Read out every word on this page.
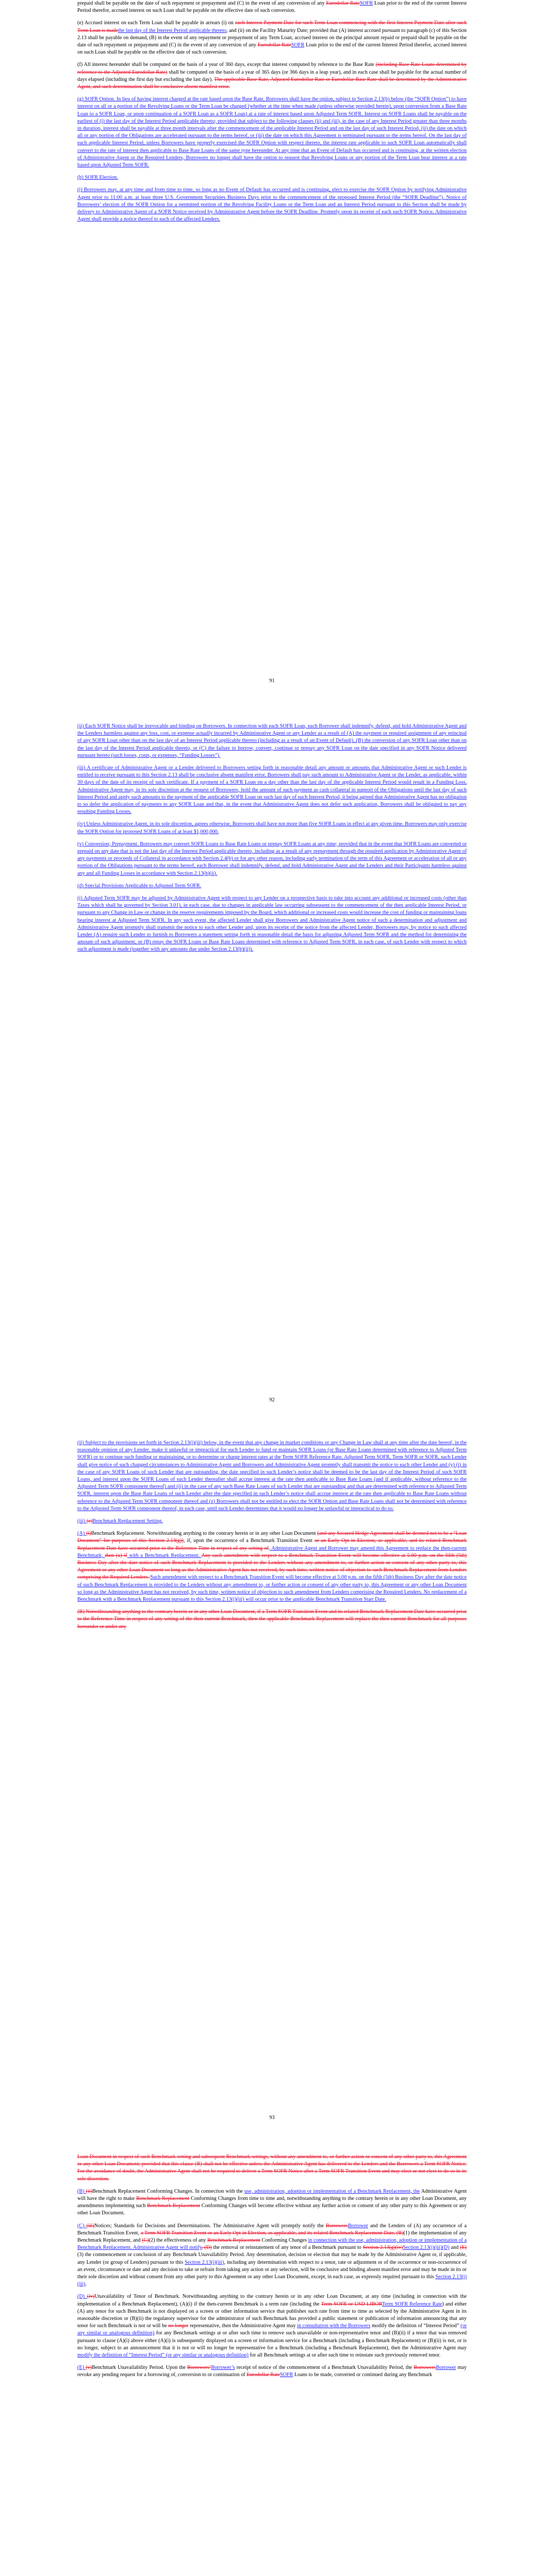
prepaid shall be payable on the date of such repayment or prepayment and (C) in the event of any conversion of any Eurodollar RateSOFR Loan prior to the end of the current Interest Period therefor, accrued interest on such Loan shall be payable on the effective date of such conversion.

(e) Accrued interest on each Term Loan shall be payable in arrears (i) on each Interest Payment Date for such Term Loan commencing with the first Interest Payment Date after such Term Loan is madethe last day of the Interest Period applicable thereto, and (ii) on the Facility Maturity Date; provided that (A) interest accrued pursuant to paragraph (c) of this Section 2.13 shall be payable on demand, (B) in the event of any repayment or prepayment of any Term Loan, accrued interest on the principal amount repaid or prepaid shall be payable on the date of such repayment or prepayment and (C) in the event of any conversion of any Eurodollar RateSOFR Loan prior to the end of the current Interest Period therefor, accrued interest on such Loan shall be payable on the effective date of such conversion.

(f) All interest hereunder shall be computed on the basis of a year of 360 days, except that interest computed by reference to the Base Rate (including Base Rate Loans determined by reference to the Adjusted Eurodollar Rate) shall be computed on the basis of a year of 365 days (or 366 days in a leap year), and in each case shall be payable for the actual number of days elapsed (including the first day but excluding the last day). The applicable Base Rate, Adjusted Eurodollar Rate or Eurodollar Base Rate shall be determined by the Administrative Agent, and such determination shall be conclusive absent manifest error.

(g) SOFR Option. In lieu of having interest charged at the rate based upon the Base Rate, Borrowers shall have the option, subject to Section 2.13(b) below (the “SOFR Option”) to have interest on all or a portion of the Revolving Loans or the Term Loan be charged (whether at the time when made (unless otherwise provided herein), upon conversion from a Base Rate Loan to a SOFR Loan, or upon continuation of a SOFR Loan as a SOFR Loan) at a rate of interest based upon Adjusted Term SOFR. Interest on SOFR Loans shall be payable on the earliest of (i) the last day of the Interest Period applicable thereto; provided that subject to the following clauses (ii) and (iii), in the case of any Interest Period greater than three months in duration, interest shall be payable at three month intervals after the commencement of the applicable Interest Period and on the last day of such Interest Period, (ii) the date on which all or any portion of the Obligations are accelerated pursuant to the terms hereof, or (iii) the date on which this Agreement is terminated pursuant to the terms hereof. On the last day of each applicable Interest Period, unless Borrowers have properly exercised the SOFR Option with respect thereto, the interest rate applicable to such SOFR Loan automatically shall convert to the rate of interest then applicable to Base Rate Loans of the same type hereunder. At any time that an Event of Default has occurred and is continuing, at the written election of Administrative Agent or the Required Lenders, Borrowers no longer shall have the option to request that Revolving Loans or any portion of the Term Loan bear interest at a rate based upon Adjusted Term SOFR.

(h) SOFR Election.

(i) Borrowers may, at any time and from time to time, so long as no Event of Default has occurred and is continuing, elect to exercise the SOFR Option by notifying Administrative Agent prior to 11:00 a.m. at least three U.S. Government Securities Business Days prior to the commencement of the proposed Interest Period (the “SOFR Deadline”). Notice of Borrowers’ election of the SOFR Option for a permitted portion of the Revolving Facility Loans or the Term Loan and an Interest Period pursuant to this Section shall be made by delivery to Administrative Agent of a SOFR Notice received by Administrative Agent before the SOFR Deadline. Promptly upon its receipt of each such SOFR Notice, Administrative Agent shall provide a notice thereof to each of the affected Lenders.

91

(ii) Each SOFR Notice shall be irrevocable and binding on Borrowers. In connection with each SOFR Loan, each Borrower shall indemnify, defend, and hold Administrative Agent and the Lenders harmless against any loss, cost, or expense actually incurred by Administrative Agent or any Lender as a result of (A) the payment or required assignment of any principal of any SOFR Loan other than on the last day of an Interest Period applicable thereto (including as a result of an Event of Default), (B) the conversion of any SOFR Loan other than on the last day of the Interest Period applicable thereto, or (C) the failure to borrow, convert, continue or prepay any SOFR Loan on the date specified in any SOFR Notice delivered pursuant hereto (such losses, costs, or expenses, “Funding Losses”).

(iii) A certificate of Administrative Agent or a Lender delivered to Borrowers setting forth in reasonable detail any amount or amounts that Administrative Agent or such Lender is entitled to receive pursuant to this Section 2.13 shall be conclusive absent manifest error. Borrowers shall pay such amount to Administrative Agent or the Lender, as applicable, within 30 days of the date of its receipt of such certificate. If a payment of a SOFR Loan on a day other than the last day of the applicable Interest Period would result in a Funding Loss, Administrative Agent may, in its sole discretion at the request of Borrowers, hold the amount of such payment as cash collateral in support of the Obligations until the last day of such Interest Period and apply such amounts to the payment of the applicable SOFR Loan on such last day of such Interest Period, it being agreed that Administrative Agent has no obligation to so defer the application of payments to any SOFR Loan and that, in the event that Administrative Agent does not defer such application, Borrowers shall be obligated to pay any resulting Funding Losses.

(iv) Unless Administrative Agent, in its sole discretion, agrees otherwise, Borrowers shall have not more than five SOFR Loans in effect at any given time. Borrowers may only exercise the SOFR Option for proposed SOFR Loans of at least $1,000,000.

(v) Conversion; Prepayment. Borrowers may convert SOFR Loans to Base Rate Loans or prepay SOFR Loans at any time; provided that in the event that SOFR Loans are converted or prepaid on any date that is not the last day of the Interest Period applicable thereto, including as a result of any prepayment through the required application by Administrative Agent of any payments or proceeds of Collateral in accordance with Section 2.4(b) or for any other reason, including early termination of the term of this Agreement or acceleration of all or any portion of the Obligations pursuant to the terms hereof, each Borrower shall indemnify, defend, and hold Administrative Agent and the Lenders and their Participants harmless against any and all Funding Losses in accordance with Section 2.13(h)(ii).

(d) Special Provisions Applicable to Adjusted Term SOFR.

(i) Adjusted Term SOFR may be adjusted by Administrative Agent with respect to any Lender on a prospective basis to take into account any additional or increased costs (other than Taxes which shall be governed by Section 3.01), in each case, due to changes in applicable law occurring subsequent to the commencement of the then applicable Interest Period, or pursuant to any Change in Law or change in the reserve requirements imposed by the Board, which additional or increased costs would increase the cost of funding or maintaining loans bearing interest at Adjusted Term SOFR. In any such event, the affected Lender shall give Borrowers and Administrative Agent notice of such a determination and adjustment and Administrative Agent promptly shall transmit the notice to each other Lender and, upon its receipt of the notice from the affected Lender, Borrowers may, by notice to such affected Lender (A) require such Lender to furnish to Borrowers a statement setting forth in reasonable detail the basis for adjusting Adjusted Term SOFR and the method for determining the amount of such adjustment, or (B) repay the SOFR Loans or Base Rate Loans determined with reference to Adjusted Term SOFR, in each case, of such Lender with respect to which such adjustment is made (together with any amounts due under Section 2.13(h)(ii)).

92

(ii) Subject to the provisions set forth in Section 2.13(i)(iii) below, in the event that any change in market conditions or any Change in Law shall at any time after the date hereof, in the reasonable opinion of any Lender, make it unlawful or impractical for such Lender to fund or maintain SOFR Loans (or Base Rate Loans determined with reference to Adjusted Term SOFR) or to continue such funding or maintaining, or to determine or charge interest rates at the Term SOFR Reference Rate, Adjusted Term SOFR, Term SOFR or SOFR, such Lender shall give notice of such changed circumstances to Administrative Agent and Borrowers and Administrative Agent promptly shall transmit the notice to each other Lender and (y) (i) in the case of any SOFR Loans of such Lender that are outstanding, the date specified in such Lender’s notice shall be deemed to be the last day of the Interest Period of such SOFR Loans, and interest upon the SOFR Loans of such Lender thereafter shall accrue interest at the rate then applicable to Base Rate Loans (and if applicable, without reference to the Adjusted Term SOFR component thereof) and (ii) in the case of any such Base Rate Loans of such Lender that are outstanding and that are determined with reference to Adjusted Term SOFR, interest upon the Base Rate Loans of such Lender after the date specified in such Lender’s notice shall accrue interest at the rate then applicable to Base Rate Loans without reference to the Adjusted Term SOFR component thereof and (z) Borrowers shall not be entitled to elect the SOFR Option and Base Rate Loans shall not be determined with reference to the Adjusted Term SOFR component thereof, in each case, until such Lender determines that it would no longer be unlawful or impractical to do so.

(iii) (e)Benchmark Replacement Setting.

(A) (i)Benchmark Replacement. Notwithstanding anything to the contrary herein or in any other Loan Document (and any Secured Hedge Agreement shall be deemed not to be a “Loan Document” for purposes of this Section 2.13(g)), if, upon the occurrence of a Benchmark Transition Event or an Early Opt-in Election, as applicable, and its related Benchmark Replacement Date have occurred prior to the Reference Time in respect of any setting of, Administrative Agent and Borrower may amend this Agreement to replace the then-current Benchmark, then (x) if with a Benchmark Replacement. Any such amendment with respect to a Benchmark Transition Event will become effective at 5:00 p.m. on the fifth (5th) Business Day after the date notice of such Benchmark Replacement is provided to the Lenders without any amendment to, or further action or consent of any other party to, this Agreement or any other Loan Document so long as the Administrative Agent has not received, by such time, written notice of objection to such Benchmark Replacement from Lenders comprising the Required Lenders. Such amendment with respect to a Benchmark Transition Event will become effective at 5:00 p.m. on the fifth (5th) Business Day after the date notice of such Benchmark Replacement is provided to the Lenders without any amendment to, or further action or consent of any other party to, this Agreement or any other Loan Document so long as the Administrative Agent has not received, by such time, written notice of objection to such amendment from Lenders comprising the Required Lenders. No replacement of a Benchmark with a Benchmark Replacement pursuant to this Section 2.13(i)(iii) will occur prior to the applicable Benchmark Transition Start Date.

(B) Notwithstanding anything to the contrary herein or in any other Loan Document, if a Term SOFR Transition Event and its related Benchmark Replacement Date have occurred prior to the Reference Time in respect of any setting of the then-current Benchmark, then the applicable Benchmark Replacement will replace the then-current Benchmark for all purposes hereunder or under any

93

Loan Document in respect of such Benchmark setting and subsequent Benchmark settings, without any amendment to, or further action or consent of any other party to, this Agreement or any other Loan Document; provided that this clause (B) shall not be effective unless the Administrative Agent has delivered to the Lenders and the Borrowers a Term SOFR Notice. For the avoidance of doubt, the Administrative Agent shall not be required to deliver a Term SOFR Notice after a Term SOFR Transition Event and may elect or not elect to do so in its sole discretion.

(B) (ii)Benchmark Replacement Conforming Changes. In connection with the use, administration, adoption or implementation of a Benchmark Replacement, the Administrative Agent will have the right to make Benchmark Replacement Conforming Changes from time to time and, notwithstanding anything to the contrary herein or in any other Loan Document, any amendments implementing such Benchmark Replacement Conforming Changes will become effective without any further action or consent of any other party to this Agreement or any other Loan Document.

(C) (iii)Notices; Standards for Decisions and Determinations. The Administrative Agent will promptly notify the BorrowersBorrower and the Lenders of (A) any occurrence of a Benchmark Transition Event, a Term SOFR Transition Event or an Early Opt-in Election, as applicable, and its related Benchmark Replacement Date, (B)(1) the implementation of any Benchmark Replacement, and (C)(2) the effectiveness of any Benchmark Replacement Conforming Changes in connection with the use, administration, adoption or implementation of a Benchmark Replacement. Administrative Agent will notify, (D) the removal or reinstatement of any tenor of a Benchmark pursuant to Section 2.13(g)(iv)Section 2.13(i)(iii)(D) and (E)(3) the commencement or conclusion of any Benchmark Unavailability Period. Any determination, decision or election that may be made by the Administrative Agent or, if applicable, any Lender (or group of Lenders) pursuant to this Section 2.13(i)(iii), including any determination with respect to a tenor, rate or adjustment or of the occurrence or non-occurrence of an event, circumstance or date and any decision to take or refrain from taking any action or any selection, will be conclusive and binding absent manifest error and may be made in its or their sole discretion and without consent from any other party to this Agreement or any other Loan Document, except, in each case, as expressly required pursuant to this Section 2.13(i)(iii).

(D) (iv)Unavailability of Tenor of Benchmark. Notwithstanding anything to the contrary herein or in any other Loan Document, at any time (including in connection with the implementation of a Benchmark Replacement), (A)(i) if the then-current Benchmark is a term rate (including the Term SOFR or USD LIBORTerm SOFR Reference Rate) and either (A) any tenor for such Benchmark is not displayed on a screen or other information service that publishes such rate from time to time as selected by the Administrative Agent in its reasonable discretion or (B)(ii) the regulatory supervisor for the administrator of such Benchmark has provided a public statement or publication of information announcing that any tenor for such Benchmark is not or will be no longer representative, then the Administrative Agent may in consultation with the Borrowers modify the definition of “Interest Period” (or any similar or analogous definition) for any Benchmark settings at or after such time to remove such unavailable or non-representative tenor and (B)(ii) if a tenor that was removed pursuant to clause (A)(i) above either (A)(i) is subsequently displayed on a screen or information service for a Benchmark (including a Benchmark Replacement) or (B)(ii) is not, or is no longer, subject to an announcement that it is not or will no longer be representative for a Benchmark (including a Benchmark Replacement), then the Administrative Agent may modify the definition of “Interest Period” (or any similar or analogous definition) for all Benchmark settings at or after such time to reinstate such previously removed tenor.

(E) (v)Benchmark Unavailability Period. Upon the Borrowers’Borrower’s receipt of notice of the commencement of a Benchmark Unavailability Period, the BorrowersBorrower may revoke any pending request for a borrowing of, conversion to or continuation of Eurodollar RateSOFR Loans to be made, converted or continued during any Benchmark
